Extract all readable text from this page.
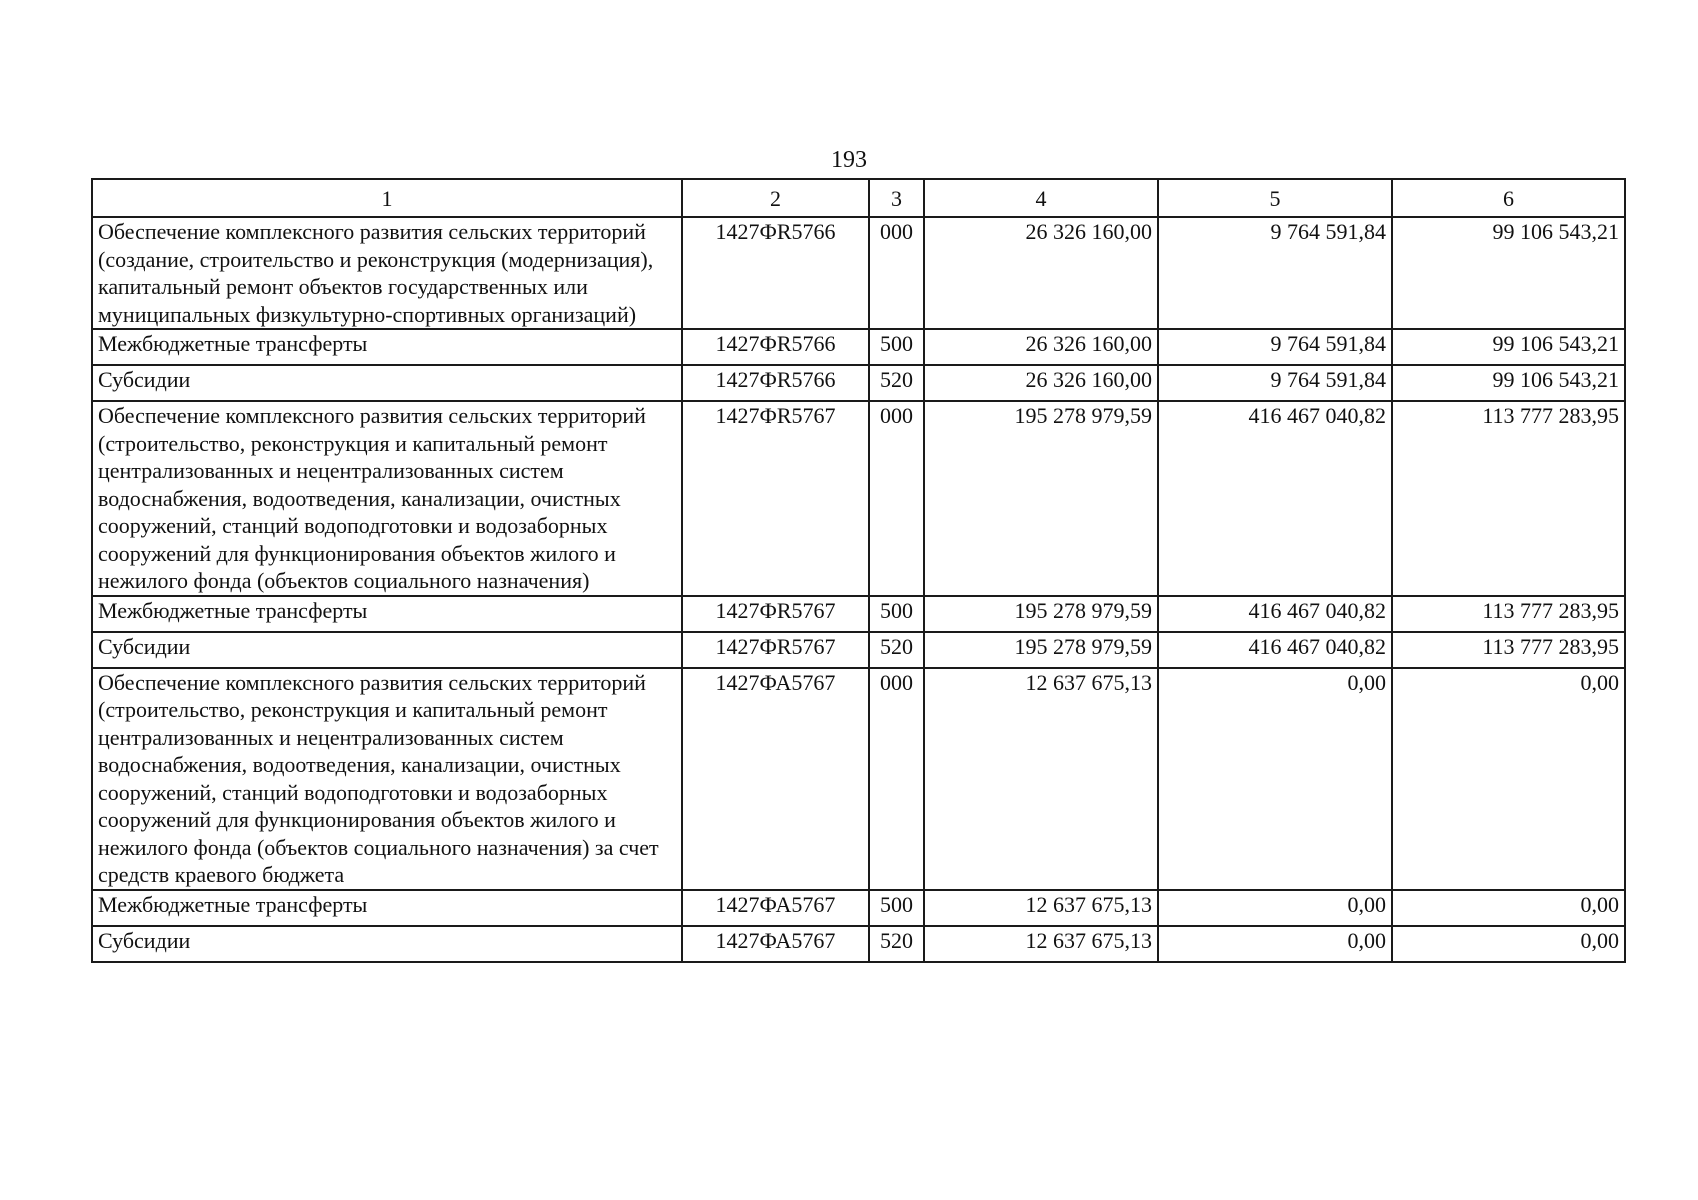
193
1	2	3	4	5	6
Обеспечение комплексного развития сельских территорий (создание, строительство и реконструкция (модернизация), капитальный ремонт объектов государственных или муниципальных физкультурно-спортивных организаций)	1427ФR5766	000	26 326 160,00	9 764 591,84	99 106 543,21
Межбюджетные трансферты	1427ФR5766	500	26 326 160,00	9 764 591,84	99 106 543,21
Субсидии	1427ФR5766	520	26 326 160,00	9 764 591,84	99 106 543,21
Обеспечение комплексного развития сельских территорий (строительство, реконструкция и капитальный ремонт централизованных и нецентрализованных систем водоснабжения, водоотведения, канализации, очистных сооружений, станций водоподготовки и водозаборных сооружений для функционирования объектов жилого и нежилого фонда (объектов социального назначения)	1427ФR5767	000	195 278 979,59	416 467 040,82	113 777 283,95
Межбюджетные трансферты	1427ФR5767	500	195 278 979,59	416 467 040,82	113 777 283,95
Субсидии	1427ФR5767	520	195 278 979,59	416 467 040,82	113 777 283,95
Обеспечение комплексного развития сельских территорий (строительство, реконструкция и капитальный ремонт централизованных и нецентрализованных систем водоснабжения, водоотведения, канализации, очистных сооружений, станций водоподготовки и водозаборных сооружений для функционирования объектов жилого и нежилого фонда (объектов социального назначения) за счет средств краевого бюджета	1427ФА5767	000	12 637 675,13	0,00	0,00
Межбюджетные трансферты	1427ФА5767	500	12 637 675,13	0,00	0,00
Субсидии	1427ФА5767	520	12 637 675,13	0,00	0,00
